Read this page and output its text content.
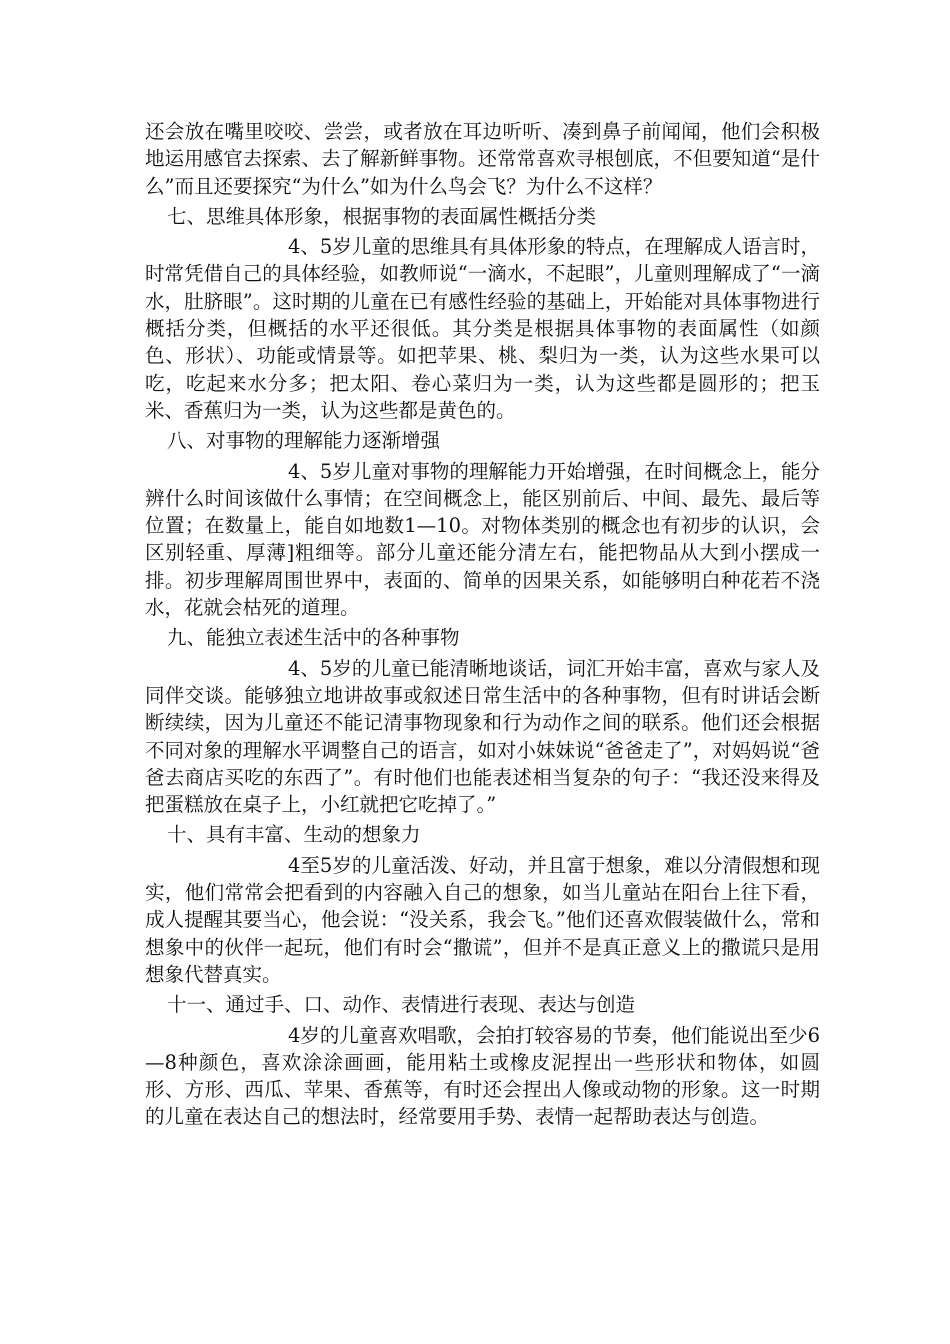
还会放在嘴里咬咬、尝尝，或者放在耳边听听、凑到鼻子前闻闻，他们会积极地运用感官去探索、去了解新鲜事物。还常常喜欢寻根刨底，不但要知道“是什么”而且还要探究“为什么”如为什么鸟会飞？为什么不这样？

七、思维具体形象，根据事物的表面属性概括分类

4、5岁儿童的思维具有具体形象的特点，在理解成人语言时，时常凭借自己的具体经验，如教师说“一滴水，不起眼”，儿童则理解成了“一滴水，肚脐眼”。这时期的儿童在已有感性经验的基础上，开始能对具体事物进行概括分类，但概括的水平还很低。其分类是根据具体事物的表面属性（如颜色、形状）、功能或情景等。如把苹果、桃、梨归为一类，认为这些水果可以吃，吃起来水分多；把太阳、卷心菜归为一类，认为这些都是圆形的；把玉米、香蕉归为一类，认为这些都是黄色的。

八、对事物的理解能力逐渐增强

4、5岁儿童对事物的理解能力开始增强，在时间概念上，能分辨什么时间该做什么事情；在空间概念上，能区别前后、中间、最先、最后等位置；在数量上，能自如地数1—10。对物体类别的概念也有初步的认识，会区别轻重、厚薄]粗细等。部分儿童还能分清左右，能把物品从大到小摆成一排。初步理解周围世界中，表面的、简单的因果关系，如能够明白种花若不浇水，花就会枯死的道理。

九、能独立表述生活中的各种事物

4、5岁的儿童已能清晰地谈话，词汇开始丰富，喜欢与家人及同伴交谈。能够独立地讲故事或叙述日常生活中的各种事物，但有时讲话会断断续续，因为儿童还不能记清事物现象和行为动作之间的联系。他们还会根据不同对象的理解水平调整自己的语言，如对小妹妹说“爸爸走了”，对妈妈说“爸爸去商店买吃的东西了”。有时他们也能表述相当复杂的句子：“我还没来得及把蛋糕放在桌子上，小红就把它吃掉了。”

十、具有丰富、生动的想象力

4至5岁的儿童活泼、好动，并且富于想象，难以分清假想和现实，他们常常会把看到的内容融入自己的想象，如当儿童站在阳台上往下看，成人提醒其要当心，他会说：“没关系，我会飞。”他们还喜欢假装做什么，常和想象中的伙伴一起玩，他们有时会“撒谎”，但并不是真正意义上的撒谎只是用想象代替真实。

十一、通过手、口、动作、表情进行表现、表达与创造

4岁的儿童喜欢唱歌，会拍打较容易的节奏，他们能说出至少6—8种颜色，喜欢涂涂画画，能用粘土或橡皮泥捏出一些形状和物体，如圆形、方形、西瓜、苹果、香蕉等，有时还会捏出人像或动物的形象。这一时期的儿童在表达自己的想法时，经常要用手势、表情一起帮助表达与创造。
